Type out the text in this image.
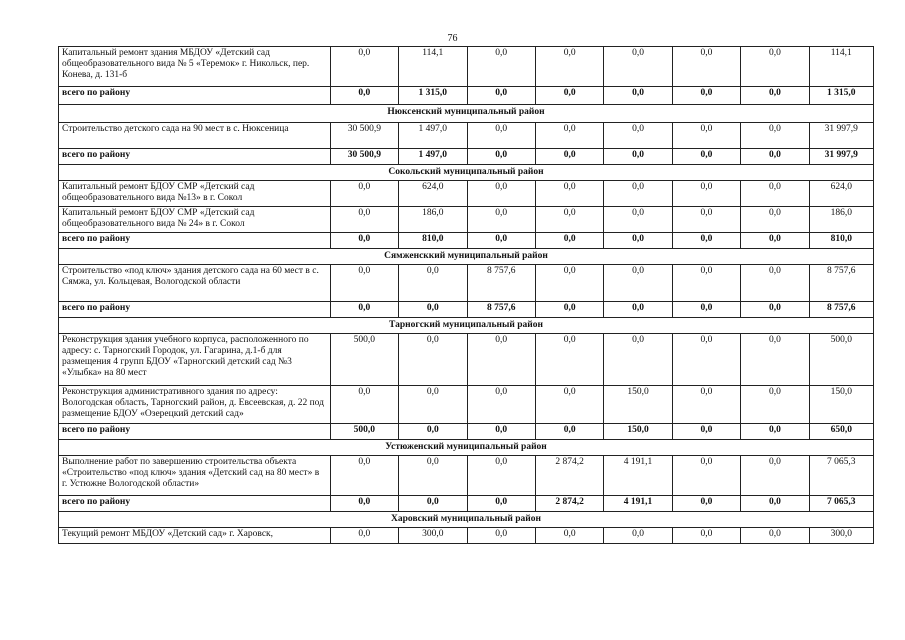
76
Капитальный ремонт здания МБДОУ «Детский сад общеобразовательного вида № 5 «Теремок» г. Никольск, пер. Конева, д. 131-б	0,0	114,1	0,0	0,0	0,0	0,0	0,0	114,1
всего по району	0,0	1 315,0	0,0	0,0	0,0	0,0	0,0	1 315,0
Нюксенский муниципальный район								
Строительство детского сада на 90 мест в с. Нюксеница	30 500,9	1 497,0	0,0	0,0	0,0	0,0	0,0	31 997,9
всего по району	30 500,9	1 497,0	0,0	0,0	0,0	0,0	0,0	31 997,9
Сокольский муниципальный район								
Капитальный ремонт БДОУ СМР «Детский сад общеобразовательного вида №13» в г. Сокол	0,0	624,0	0,0	0,0	0,0	0,0	0,0	624,0
Капитальный ремонт БДОУ СМР «Детский сад общеобразовательного вида № 24» в г. Сокол	0,0	186,0	0,0	0,0	0,0	0,0	0,0	186,0
всего по району	0,0	810,0	0,0	0,0	0,0	0,0	0,0	810,0
Сямженсккий муниципальный район								
Строительство «под ключ» здания детского сада на 60 мест в с. Сямжа, ул. Кольцевая, Вологодской области	0,0	0,0	8 757,6	0,0	0,0	0,0	0,0	8 757,6
всего по району	0,0	0,0	8 757,6	0,0	0,0	0,0	0,0	8 757,6
Тарногский муниципальный район								
Реконструкция здания учебного корпуса, расположенного по адресу: с. Тарногский Городок, ул. Гагарина, д.1-б для размещения 4 групп БДОУ «Тарногский детский сад №3 «Улыбка» на 80 мест	500,0	0,0	0,0	0,0	0,0	0,0	0,0	500,0
Реконструкция административного здания по адресу: Вологодская область, Тарногский район, д. Евсеевская, д. 22 под размещение БДОУ «Озерецкий детский сад»	0,0	0,0	0,0	0,0	150,0	0,0	0,0	150,0
всего по району	500,0	0,0	0,0	0,0	150,0	0,0	0,0	650,0
Устюженский муниципальный район								
Выполнение работ по завершению строительства объекта «Строительство «под ключ» здания «Детский сад на 80 мест» в г. Устюжне Вологодской области»	0,0	0,0	0,0	2 874,2	4 191,1	0,0	0,0	7 065,3
всего по району	0,0	0,0	0,0	2 874,2	4 191,1	0,0	0,0	7 065,3
Харовский муниципальный район								
Текущий ремонт МБДОУ «Детский сад» г. Харовск,	0,0	300,0	0,0	0,0	0,0	0,0	0,0	300,0
